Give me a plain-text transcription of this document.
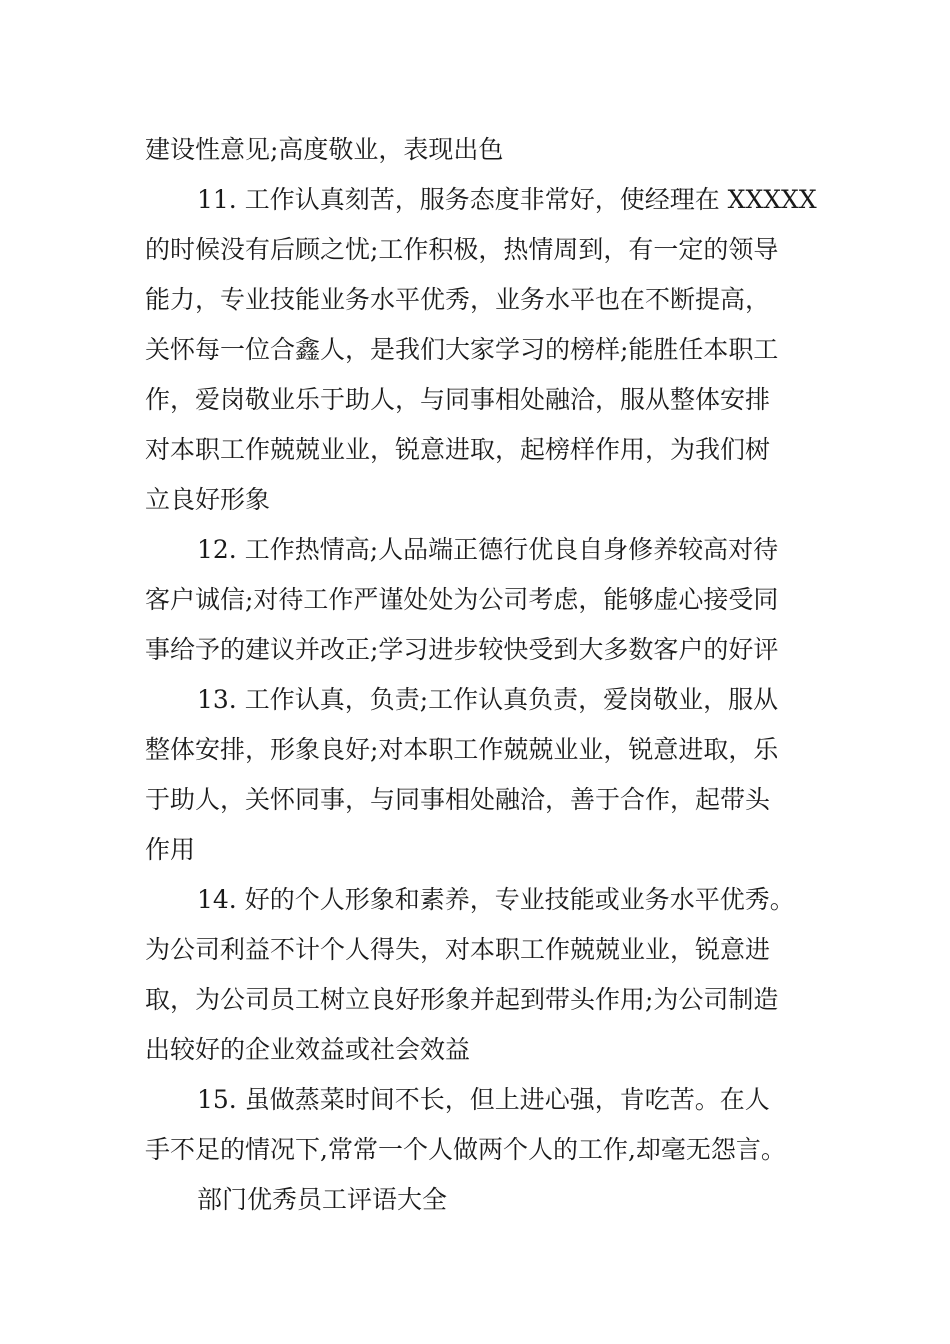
建设性意见;高度敬业，表现出色
11. 工作认真刻苦，服务态度非常好，使经理在 XXXXX
的时候没有后顾之忧;工作积极，热情周到，有一定的领导
能力，专业技能业务水平优秀，业务水平也在不断提高，
关怀每一位合鑫人，是我们大家学习的榜样;能胜任本职工
作，爱岗敬业乐于助人，与同事相处融洽，服从整体安排
对本职工作兢兢业业，锐意进取，起榜样作用，为我们树
立良好形象
12. 工作热情高;人品端正德行优良自身修养较高对待
客户诚信;对待工作严谨处处为公司考虑，能够虚心接受同
事给予的建议并改正;学习进步较快受到大多数客户的好评
13. 工作认真，负责;工作认真负责，爱岗敬业，服从
整体安排，形象良好;对本职工作兢兢业业，锐意进取，乐
于助人，关怀同事，与同事相处融洽，善于合作，起带头
作用
14. 好的个人形象和素养，专业技能或业务水平优秀。
为公司利益不计个人得失，对本职工作兢兢业业，锐意进
取，为公司员工树立良好形象并起到带头作用;为公司制造
出较好的企业效益或社会效益
15. 虽做蒸菜时间不长，但上进心强，肯吃苦。在人
手不足的情况下,常常一个人做两个人的工作,却毫无怨言。
部门优秀员工评语大全
